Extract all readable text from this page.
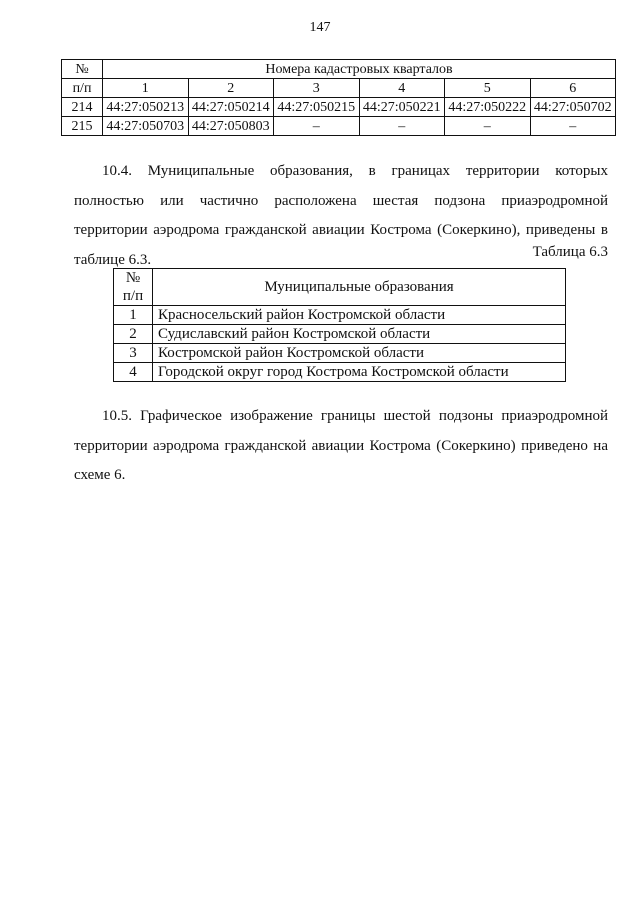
147
№	Номера кадастровых кварталов					
п/п	1	2	3	4	5	6
214	44:27:050213	44:27:050214	44:27:050215	44:27:050221	44:27:050222	44:27:050702
215	44:27:050703	44:27:050803	–	–	–	–

10.4. Муниципальные образования, в границах территории которых полностью или частично расположена шестая подзона приаэродромной территории аэродрома гражданской авиации Кострома (Сокеркино), приведены в таблице 6.3.	Таблица 6.3
№
п/п	Муниципальные образования
1	Красносельский район Костромской области
2	Судиславский район Костромской области
3	Костромской район Костромской области
4	Городской округ город Кострома Костромской области

10.5. Графическое изображение границы шестой подзоны приаэродромной территории аэродрома гражданской авиации Кострома (Сокеркино) приведено на схеме 6.
